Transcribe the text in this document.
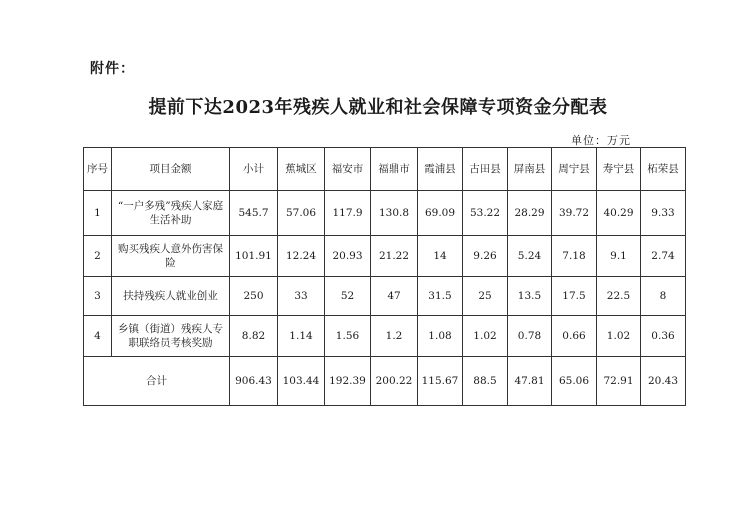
附件：
提前下达2023年残疾人就业和社会保障专项资金分配表
单位：万元
序号	项目金额	小计	蕉城区	福安市	福鼎市	霞浦县	古田县	屏南县	周宁县	寿宁县	柘荣县
1	“一户多残”残疾人家庭生活补助	545.7	57.06	117.9	130.8	69.09	53.22	28.29	39.72	40.29	9.33
2	购买残疾人意外伤害保险	101.91	12.24	20.93	21.22	14	9.26	5.24	7.18	9.1	2.74
3	扶持残疾人就业创业	250	33	52	47	31.5	25	13.5	17.5	22.5	8
4	乡镇（街道）残疾人专职联络员考核奖励	8.82	1.14	1.56	1.2	1.08	1.02	0.78	0.66	1.02	0.36
合计		906.43	103.44	192.39	200.22	115.67	88.5	47.81	65.06	72.91	20.43
